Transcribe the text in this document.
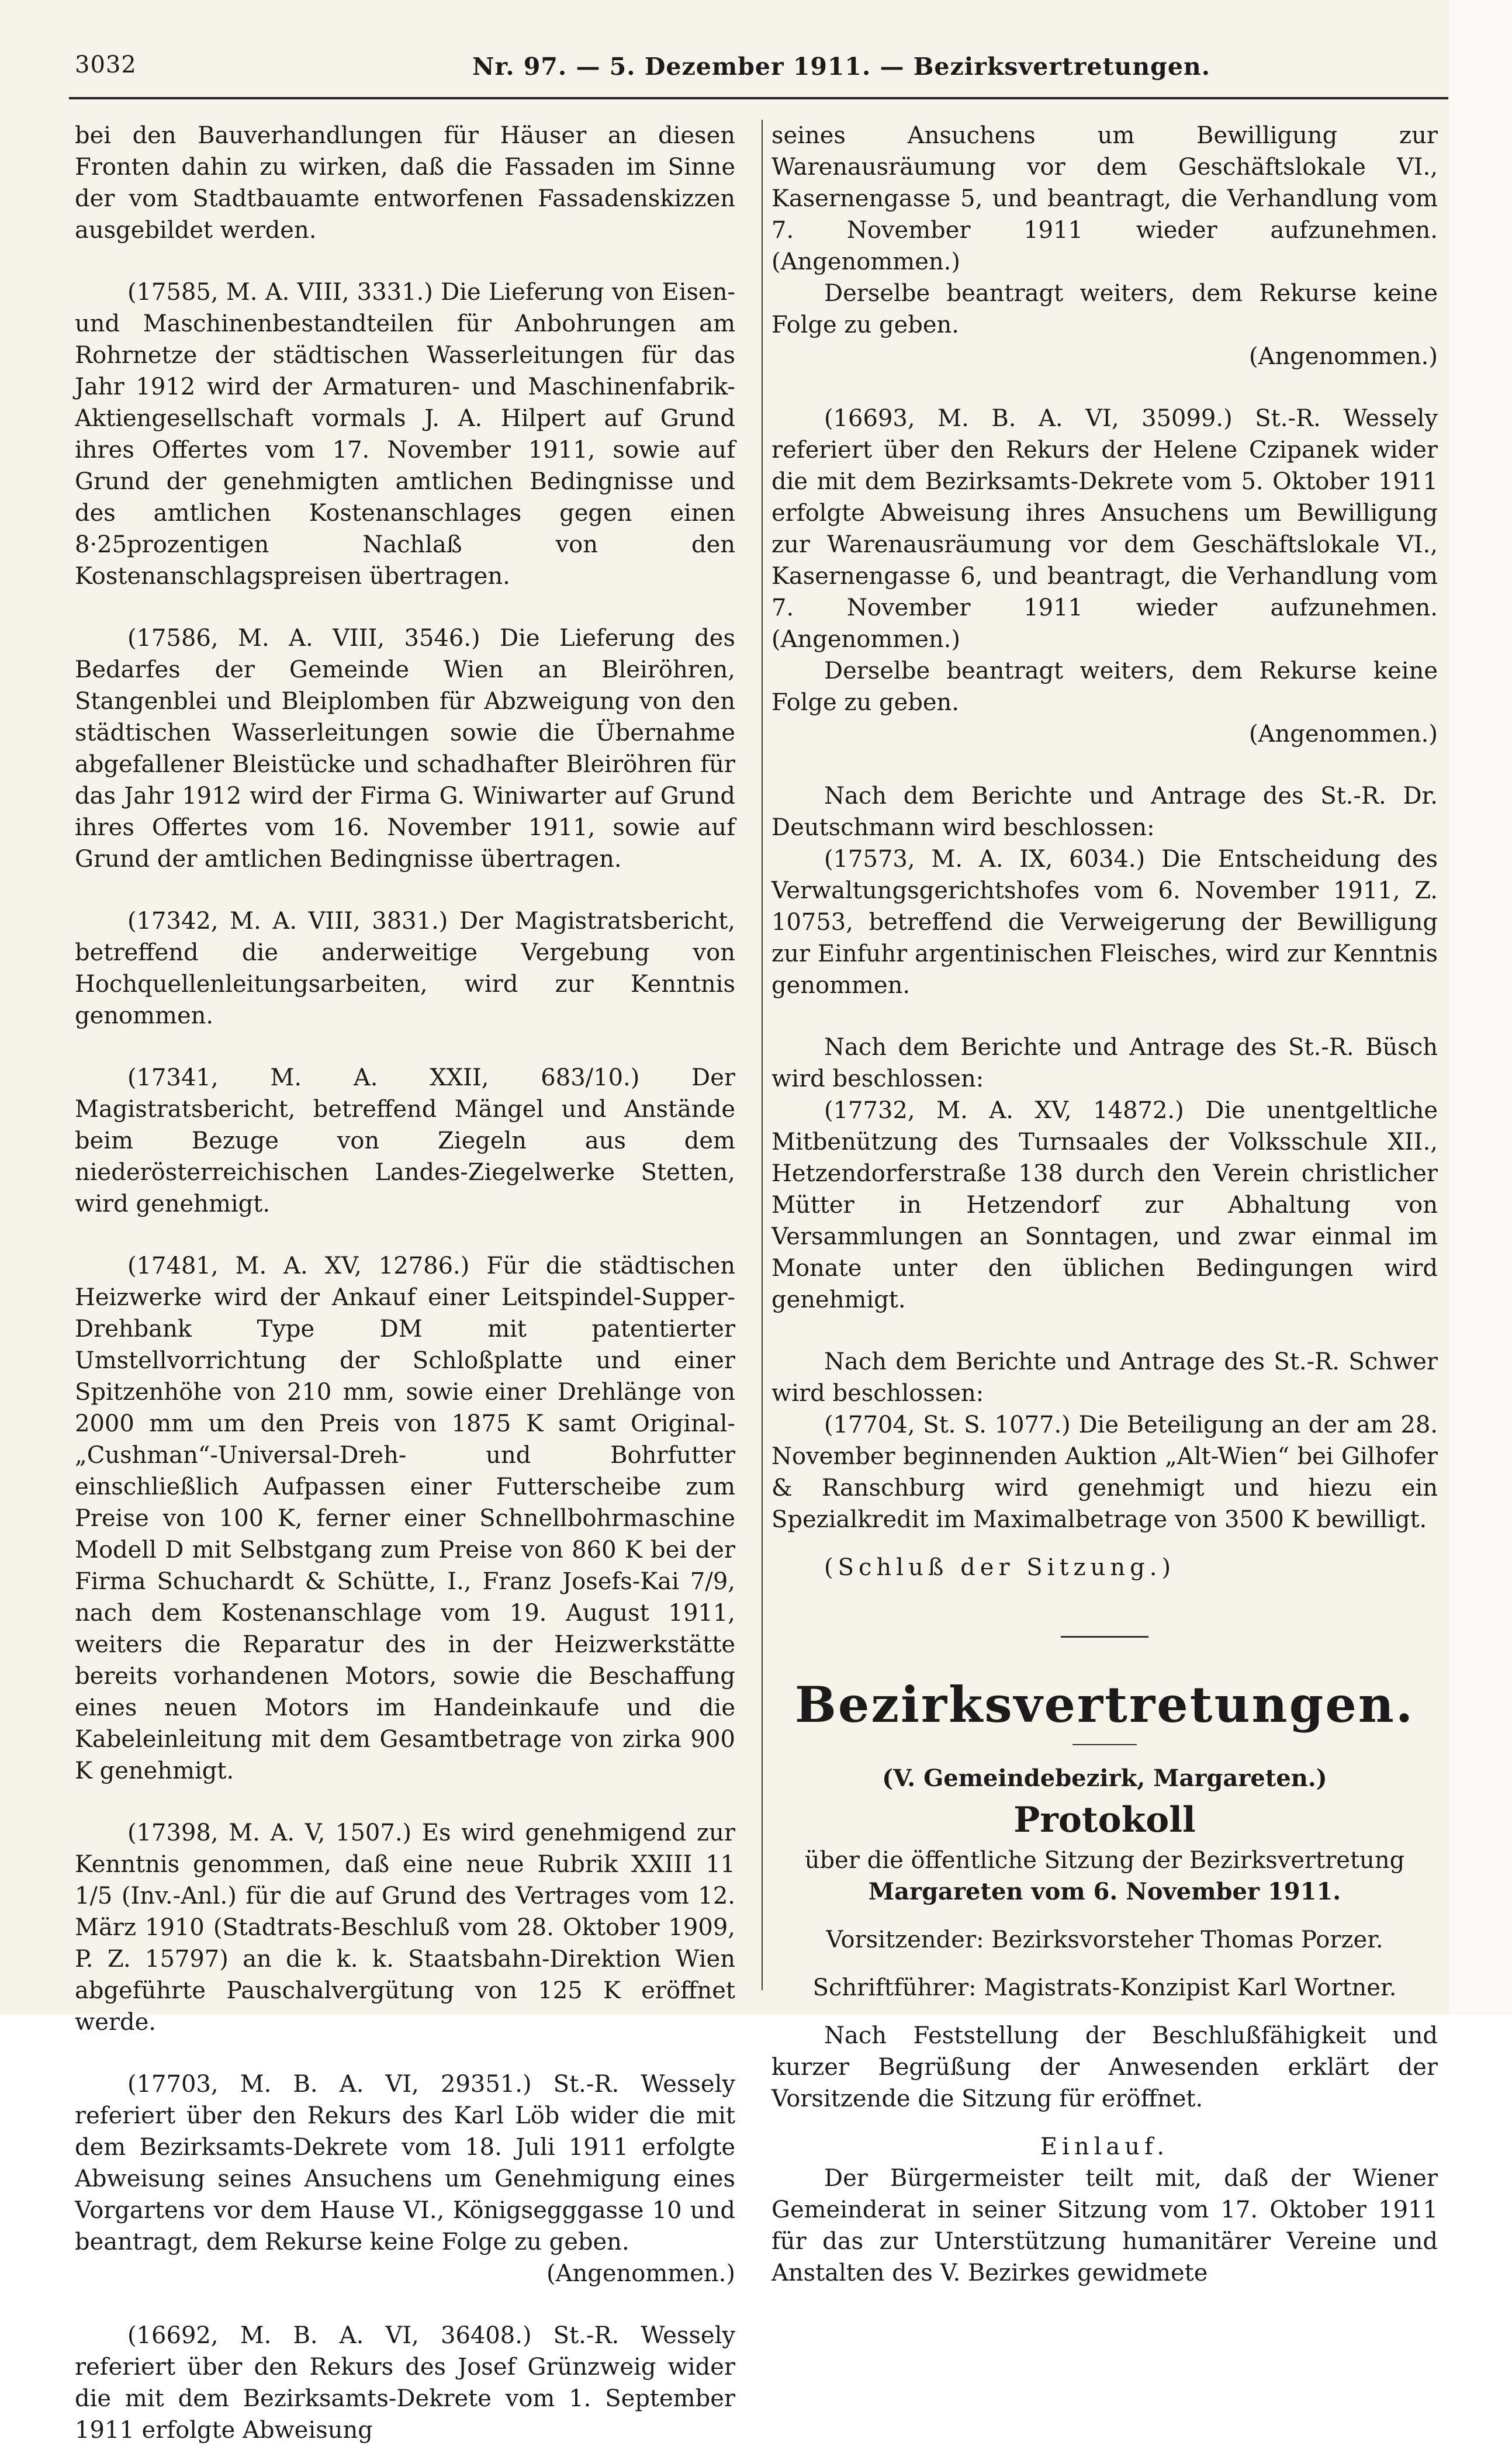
3032	Nr. 97. — 5. Dezember 1911. — Bezirksvertretungen.

bei den Bauverhandlungen für Häuser an diesen Fronten dahin zu wirken, daß die Fassaden im Sinne der vom Stadtbauamte entworfenen Fassadenskizzen ausgebildet werden.

(17585, M. A. VIII, 3331.) Die Lieferung von Eisen- und Maschinenbestandteilen für Anbohrungen am Rohrnetze der städtischen Wasserleitungen für das Jahr 1912 wird der Armaturen- und Maschinenfabrik-Aktiengesellschaft vormals J. A. Hilpert auf Grund ihres Offertes vom 17. November 1911, sowie auf Grund der genehmigten amtlichen Bedingnisse und des amtlichen Kostenanschlages gegen einen 8·25prozentigen Nachlaß von den Kostenanschlagspreisen übertragen.

(17586, M. A. VIII, 3546.) Die Lieferung des Bedarfes der Gemeinde Wien an Bleiröhren, Stangenblei und Bleiplomben für Abzweigung von den städtischen Wasserleitungen sowie die Übernahme abgefallener Bleistücke und schadhafter Bleiröhren für das Jahr 1912 wird der Firma G. Winiwarter auf Grund ihres Offertes vom 16. November 1911, sowie auf Grund der amtlichen Bedingnisse übertragen.

(17342, M. A. VIII, 3831.) Der Magistratsbericht, betreffend die anderweitige Vergebung von Hochquellenleitungsarbeiten, wird zur Kenntnis genommen.

(17341, M. A. XXII, 683/10.) Der Magistratsbericht, betreffend Mängel und Anstände beim Bezuge von Ziegeln aus dem niederösterreichischen Landes-Ziegelwerke Stetten, wird genehmigt.

(17481, M. A. XV, 12786.) Für die städtischen Heizwerke wird der Ankauf einer Leitspindel-Supper-Drehbank Type DM mit patentierter Umstellvorrichtung der Schloßplatte und einer Spitzenhöhe von 210 mm, sowie einer Drehlänge von 2000 mm um den Preis von 1875 K samt Original-„Cushman“-Universal-Dreh- und Bohrfutter einschließlich Aufpassen einer Futterscheibe zum Preise von 100 K, ferner einer Schnellbohrmaschine Modell D mit Selbstgang zum Preise von 860 K bei der Firma Schuchardt & Schütte, I., Franz Josefs-Kai 7/9, nach dem Kostenanschlage vom 19. August 1911, weiters die Reparatur des in der Heizwerkstätte bereits vorhandenen Motors, sowie die Beschaffung eines neuen Motors im Handeinkaufe und die Kabeleinleitung mit dem Gesamtbetrage von zirka 900 K genehmigt.

(17398, M. A. V, 1507.) Es wird genehmigend zur Kenntnis genommen, daß eine neue Rubrik XXIII 11 1/5 (Inv.-Anl.) für die auf Grund des Vertrages vom 12. März 1910 (Stadtrats-Beschluß vom 28. Oktober 1909, P. Z. 15797) an die k. k. Staatsbahn-Direktion Wien abgeführte Pauschalvergütung von 125 K eröffnet werde.

(17703, M. B. A. VI, 29351.) St.-R. Wessely referiert über den Rekurs des Karl Löb wider die mit dem Bezirksamts-Dekrete vom 18. Juli 1911 erfolgte Abweisung seines Ansuchens um Genehmigung eines Vorgartens vor dem Hause VI., Königsegggasse 10 und beantragt, dem Rekurse keine Folge zu geben.

(Angenommen.)

(16692, M. B. A. VI, 36408.) St.-R. Wessely referiert über den Rekurs des Josef Grünzweig wider die mit dem Bezirksamts-Dekrete vom 1. September 1911 erfolgte Abweisung

seines Ansuchens um Bewilligung zur Warenausräumung vor dem Geschäftslokale VI., Kasernengasse 5, und beantragt, die Verhandlung vom 7. November 1911 wieder aufzunehmen. (Angenommen.)

Derselbe beantragt weiters, dem Rekurse keine Folge zu geben.

(Angenommen.)

(16693, M. B. A. VI, 35099.) St.-R. Wessely referiert über den Rekurs der Helene Czipanek wider die mit dem Bezirksamts-Dekrete vom 5. Oktober 1911 erfolgte Abweisung ihres Ansuchens um Bewilligung zur Warenausräumung vor dem Geschäftslokale VI., Kasernengasse 6, und beantragt, die Verhandlung vom 7. November 1911 wieder aufzunehmen. (Angenommen.)

Derselbe beantragt weiters, dem Rekurse keine Folge zu geben.

(Angenommen.)

Nach dem Berichte und Antrage des St.-R. Dr. Deutschmann wird beschlossen:

(17573, M. A. IX, 6034.) Die Entscheidung des Verwaltungsgerichtshofes vom 6. November 1911, Z. 10753, betreffend die Verweigerung der Bewilligung zur Einfuhr argentinischen Fleisches, wird zur Kenntnis genommen.

Nach dem Berichte und Antrage des St.-R. Büsch wird beschlossen:

(17732, M. A. XV, 14872.) Die unentgeltliche Mitbenützung des Turnsaales der Volksschule XII., Hetzendorferstraße 138 durch den Verein christlicher Mütter in Hetzendorf zur Abhaltung von Versammlungen an Sonntagen, und zwar einmal im Monate unter den üblichen Bedingungen wird genehmigt.

Nach dem Berichte und Antrage des St.-R. Schwer wird beschlossen:

(17704, St. S. 1077.) Die Beteiligung an der am 28. November beginnenden Auktion „Alt-Wien“ bei Gilhofer & Ranschburg wird genehmigt und hiezu ein Spezialkredit im Maximalbetrage von 3500 K bewilligt.

(Schluß der Sitzung.)

Bezirksvertretungen.

(V. Gemeindebezirk, Margareten.)

Protokoll

über die öffentliche Sitzung der Bezirksvertretung

Margareten vom 6. November 1911.

Vorsitzender: Bezirksvorsteher Thomas Porzer.

Schriftführer: Magistrats-Konzipist Karl Wortner.

Nach Feststellung der Beschlußfähigkeit und kurzer Begrüßung der Anwesenden erklärt der Vorsitzende die Sitzung für eröffnet.

Einlauf.

Der Bürgermeister teilt mit, daß der Wiener Gemeinderat in seiner Sitzung vom 17. Oktober 1911 für das zur Unterstützung humanitärer Vereine und Anstalten des V. Bezirkes gewidmete
